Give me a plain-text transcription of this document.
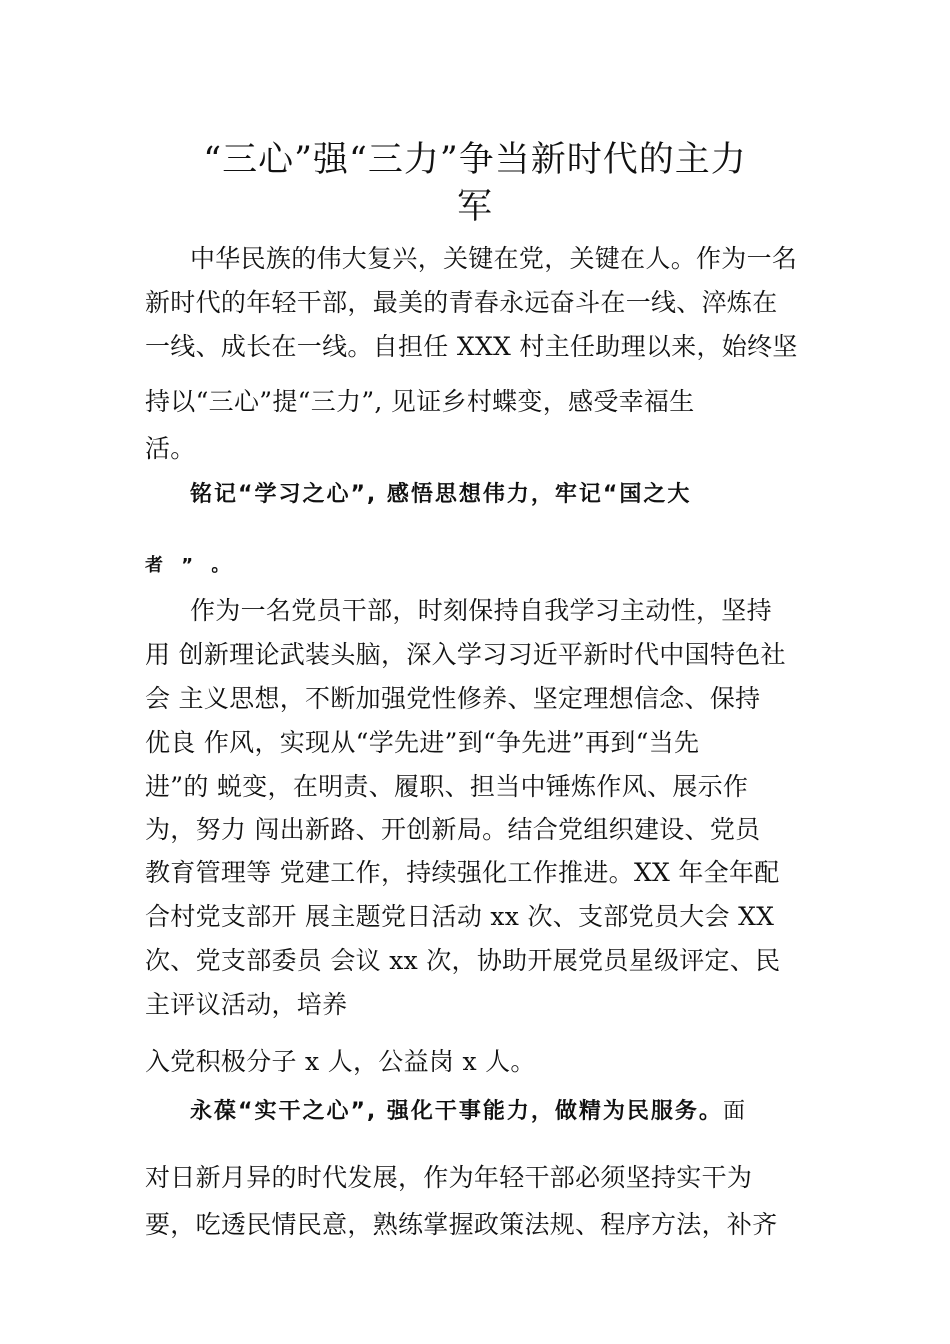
“三心”强“三力”争当新时代的主力
军
中华民族的伟大复兴，关键在党，关键在人。作为一名
新时代的年轻干部，最美的青春永远奋斗在一线、淬炼在
一线、成长在一线。自担任 XXX 村主任助理以来，始终坚
持以“三心”提“三力”, 见证乡村蝶变，感受幸福生
活。
铭记“学习之心”, 感悟思想伟力，牢记“国之大
者 ” 。
作为一名党员干部，时刻保持自我学习主动性，坚持
用 创新理论武装头脑，深入学习习近平新时代中国特色社
会 主义思想，不断加强党性修养、坚定理想信念、保持
优良 作风，实现从“学先进”到“争先进”再到“当先
进”的 蜕变，在明责、履职、担当中锤炼作风、展示作
为，努力 闯出新路、开创新局。结合党组织建设、党员
教育管理等 党建工作，持续强化工作推进。XX 年全年配
合村党支部开 展主题党日活动 xx 次、支部党员大会 XX
次、党支部委员 会议 xx 次，协助开展党员星级评定、民
主评议活动，培养
入党积极分子 x 人，公益岗 x 人。
永葆“实干之心”, 强化干事能力，做精为民服务。面
对日新月异的时代发展，作为年轻干部必须坚持实干为
要，吃透民情民意，熟练掌握政策法规、程序方法，补齐
